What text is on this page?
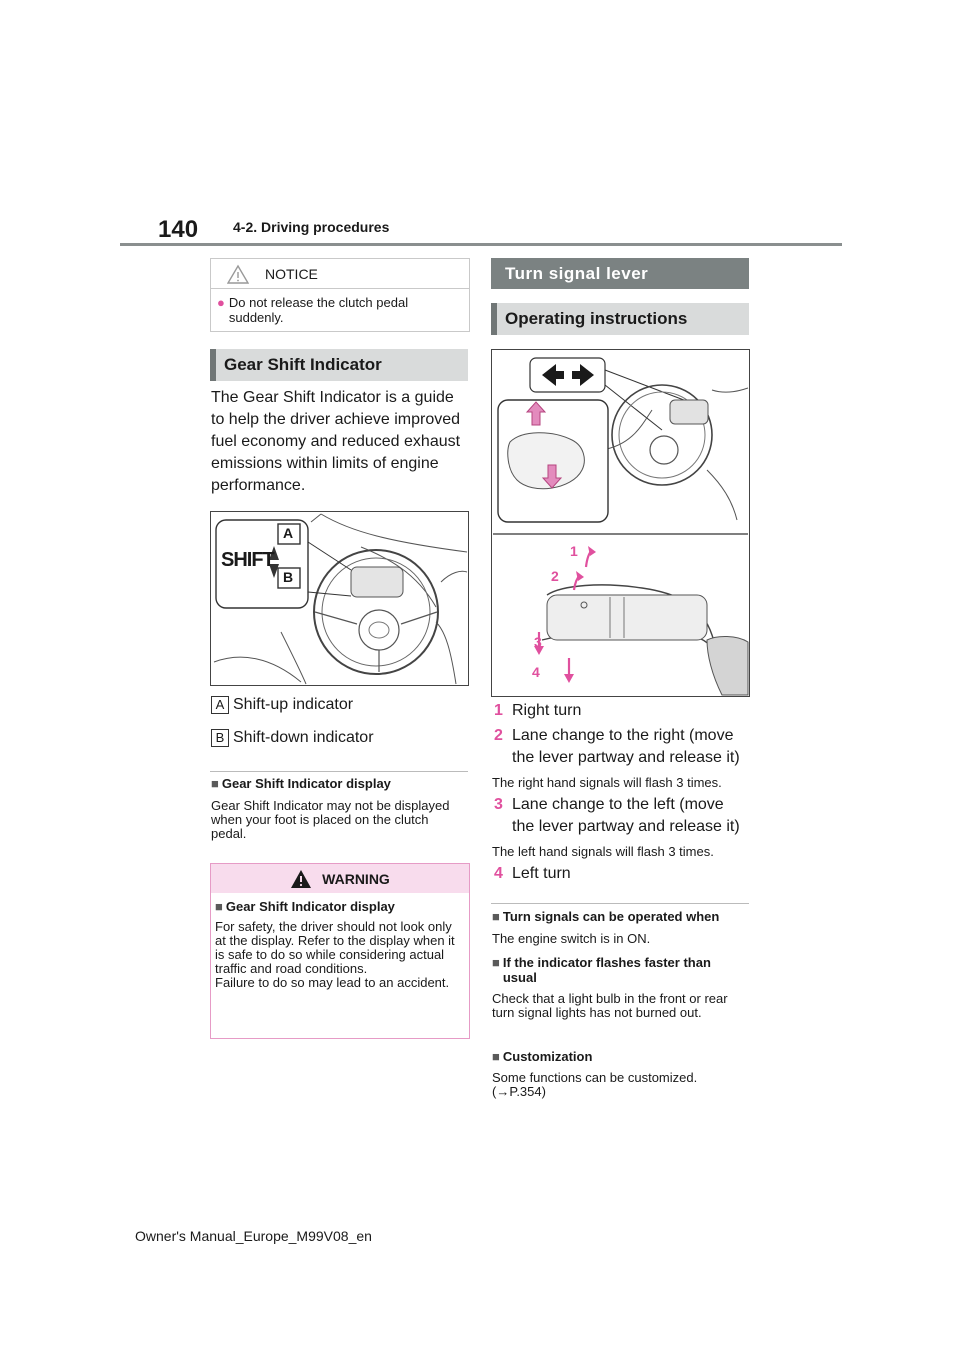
140 4-2. Driving procedures
NOTICE
● Do not release the clutch pedal suddenly.
Gear Shift Indicator
The Gear Shift Indicator is a guide to help the driver achieve improved fuel economy and reduced exhaust emissions within limits of engine performance.
SHIFT
A
B
A Shift-up indicator
B Shift-down indicator
■ Gear Shift Indicator display
Gear Shift Indicator may not be displayed when your foot is placed on the clutch pedal.
WARNING
■ Gear Shift Indicator display
For safety, the driver should not look only at the display. Refer to the display when it is safe to do so while considering actual traffic and road conditions.
Failure to do so may lead to an accident.
Turn signal lever
Operating instructions
1
2
3
4
1 Right turn
2 Lane change to the right (move the lever partway and release it)
The right hand signals will flash 3 times.
3 Lane change to the left (move the lever partway and release it)
The left hand signals will flash 3 times.
4 Left turn
■ Turn signals can be operated when
The engine switch is in ON.
■ If the indicator flashes faster than usual
Check that a light bulb in the front or rear turn signal lights has not burned out.
■ Customization
Some functions can be customized. (→P.354)
Owner's Manual_Europe_M99V08_en
